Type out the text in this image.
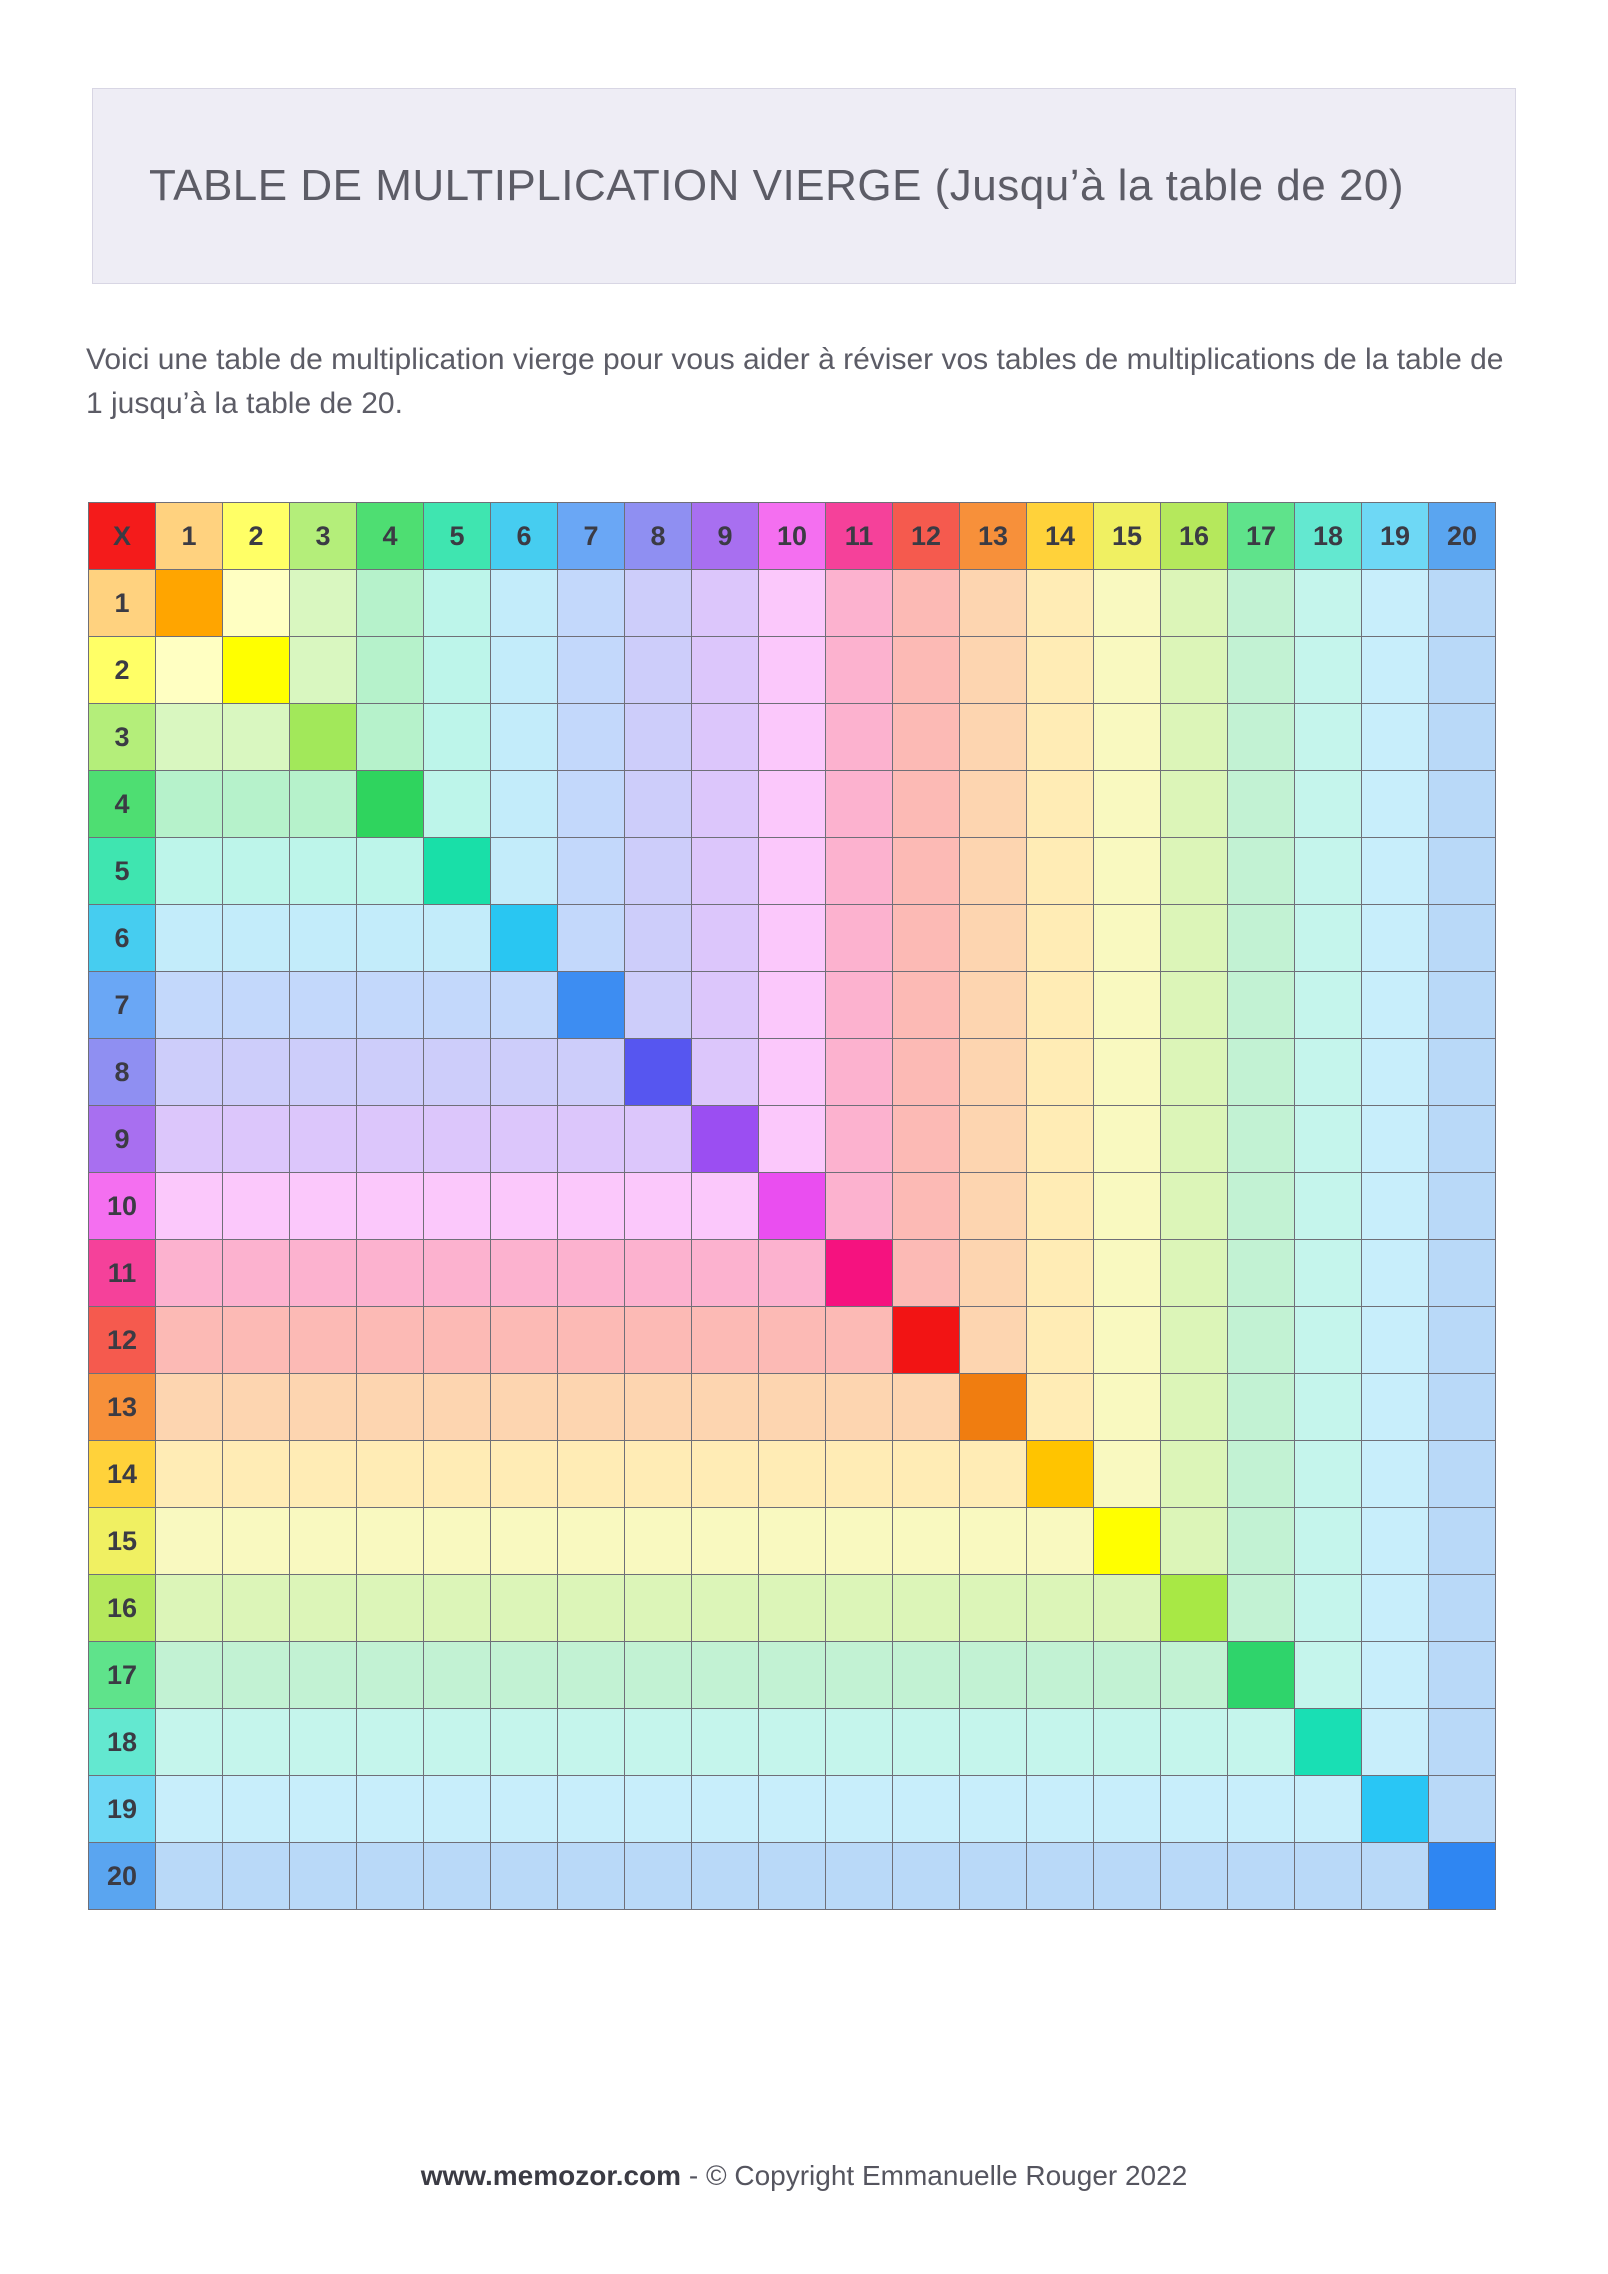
TABLE DE MULTIPLICATION VIERGE (Jusqu’à la table de 20)
Voici une table de multiplication vierge pour vous aider à réviser vos tables de multiplications de la table de 1 jusqu’à la table de 20.
X	1	2	3	4	5	6	7	8	9	10	11	12	13	14	15	16	17	18	19	20
1																				
2																				
3																				
4																				
5																				
6																				
7																				
8																				
9																				
10																				
11																				
12																				
13																				
14																				
15																				
16																				
17																				
18																				
19																				
20																				
www.memozor.com - © Copyright Emmanuelle Rouger 2022
